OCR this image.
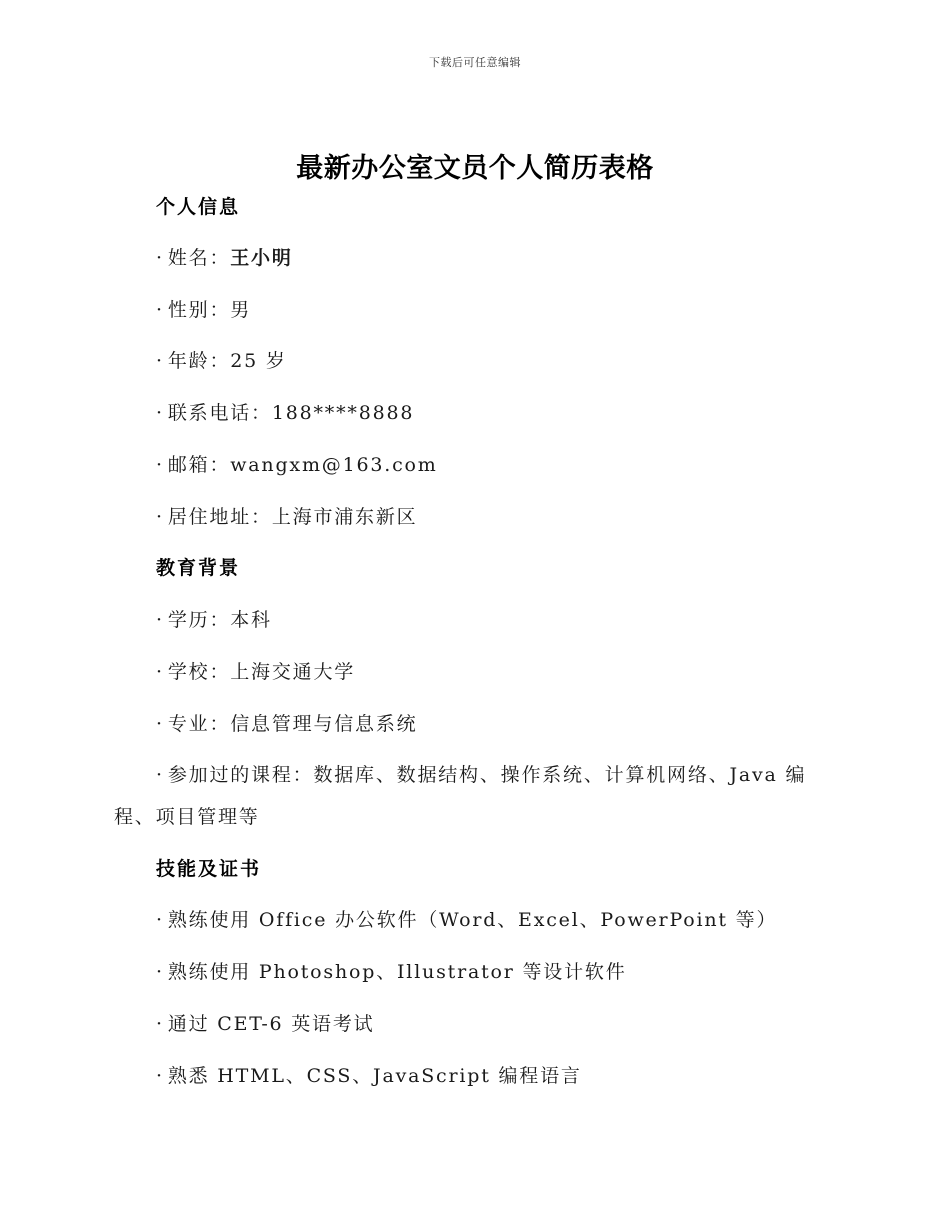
下载后可任意编辑
最新办公室文员个人简历表格
个人信息
· 姓名：王小明
· 性别：男
· 年龄：25 岁
· 联系电话：188****8888
· 邮箱：wangxm@163.com
· 居住地址：上海市浦东新区
教育背景
· 学历：本科
· 学校：上海交通大学
· 专业：信息管理与信息系统
· 参加过的课程：数据库、数据结构、操作系统、计算机网络、Java 编
程、项目管理等
技能及证书
· 熟练使用 Office 办公软件（Word、Excel、PowerPoint 等）
· 熟练使用 Photoshop、Illustrator 等设计软件
· 通过 CET-6 英语考试
· 熟悉 HTML、CSS、JavaScript 编程语言
